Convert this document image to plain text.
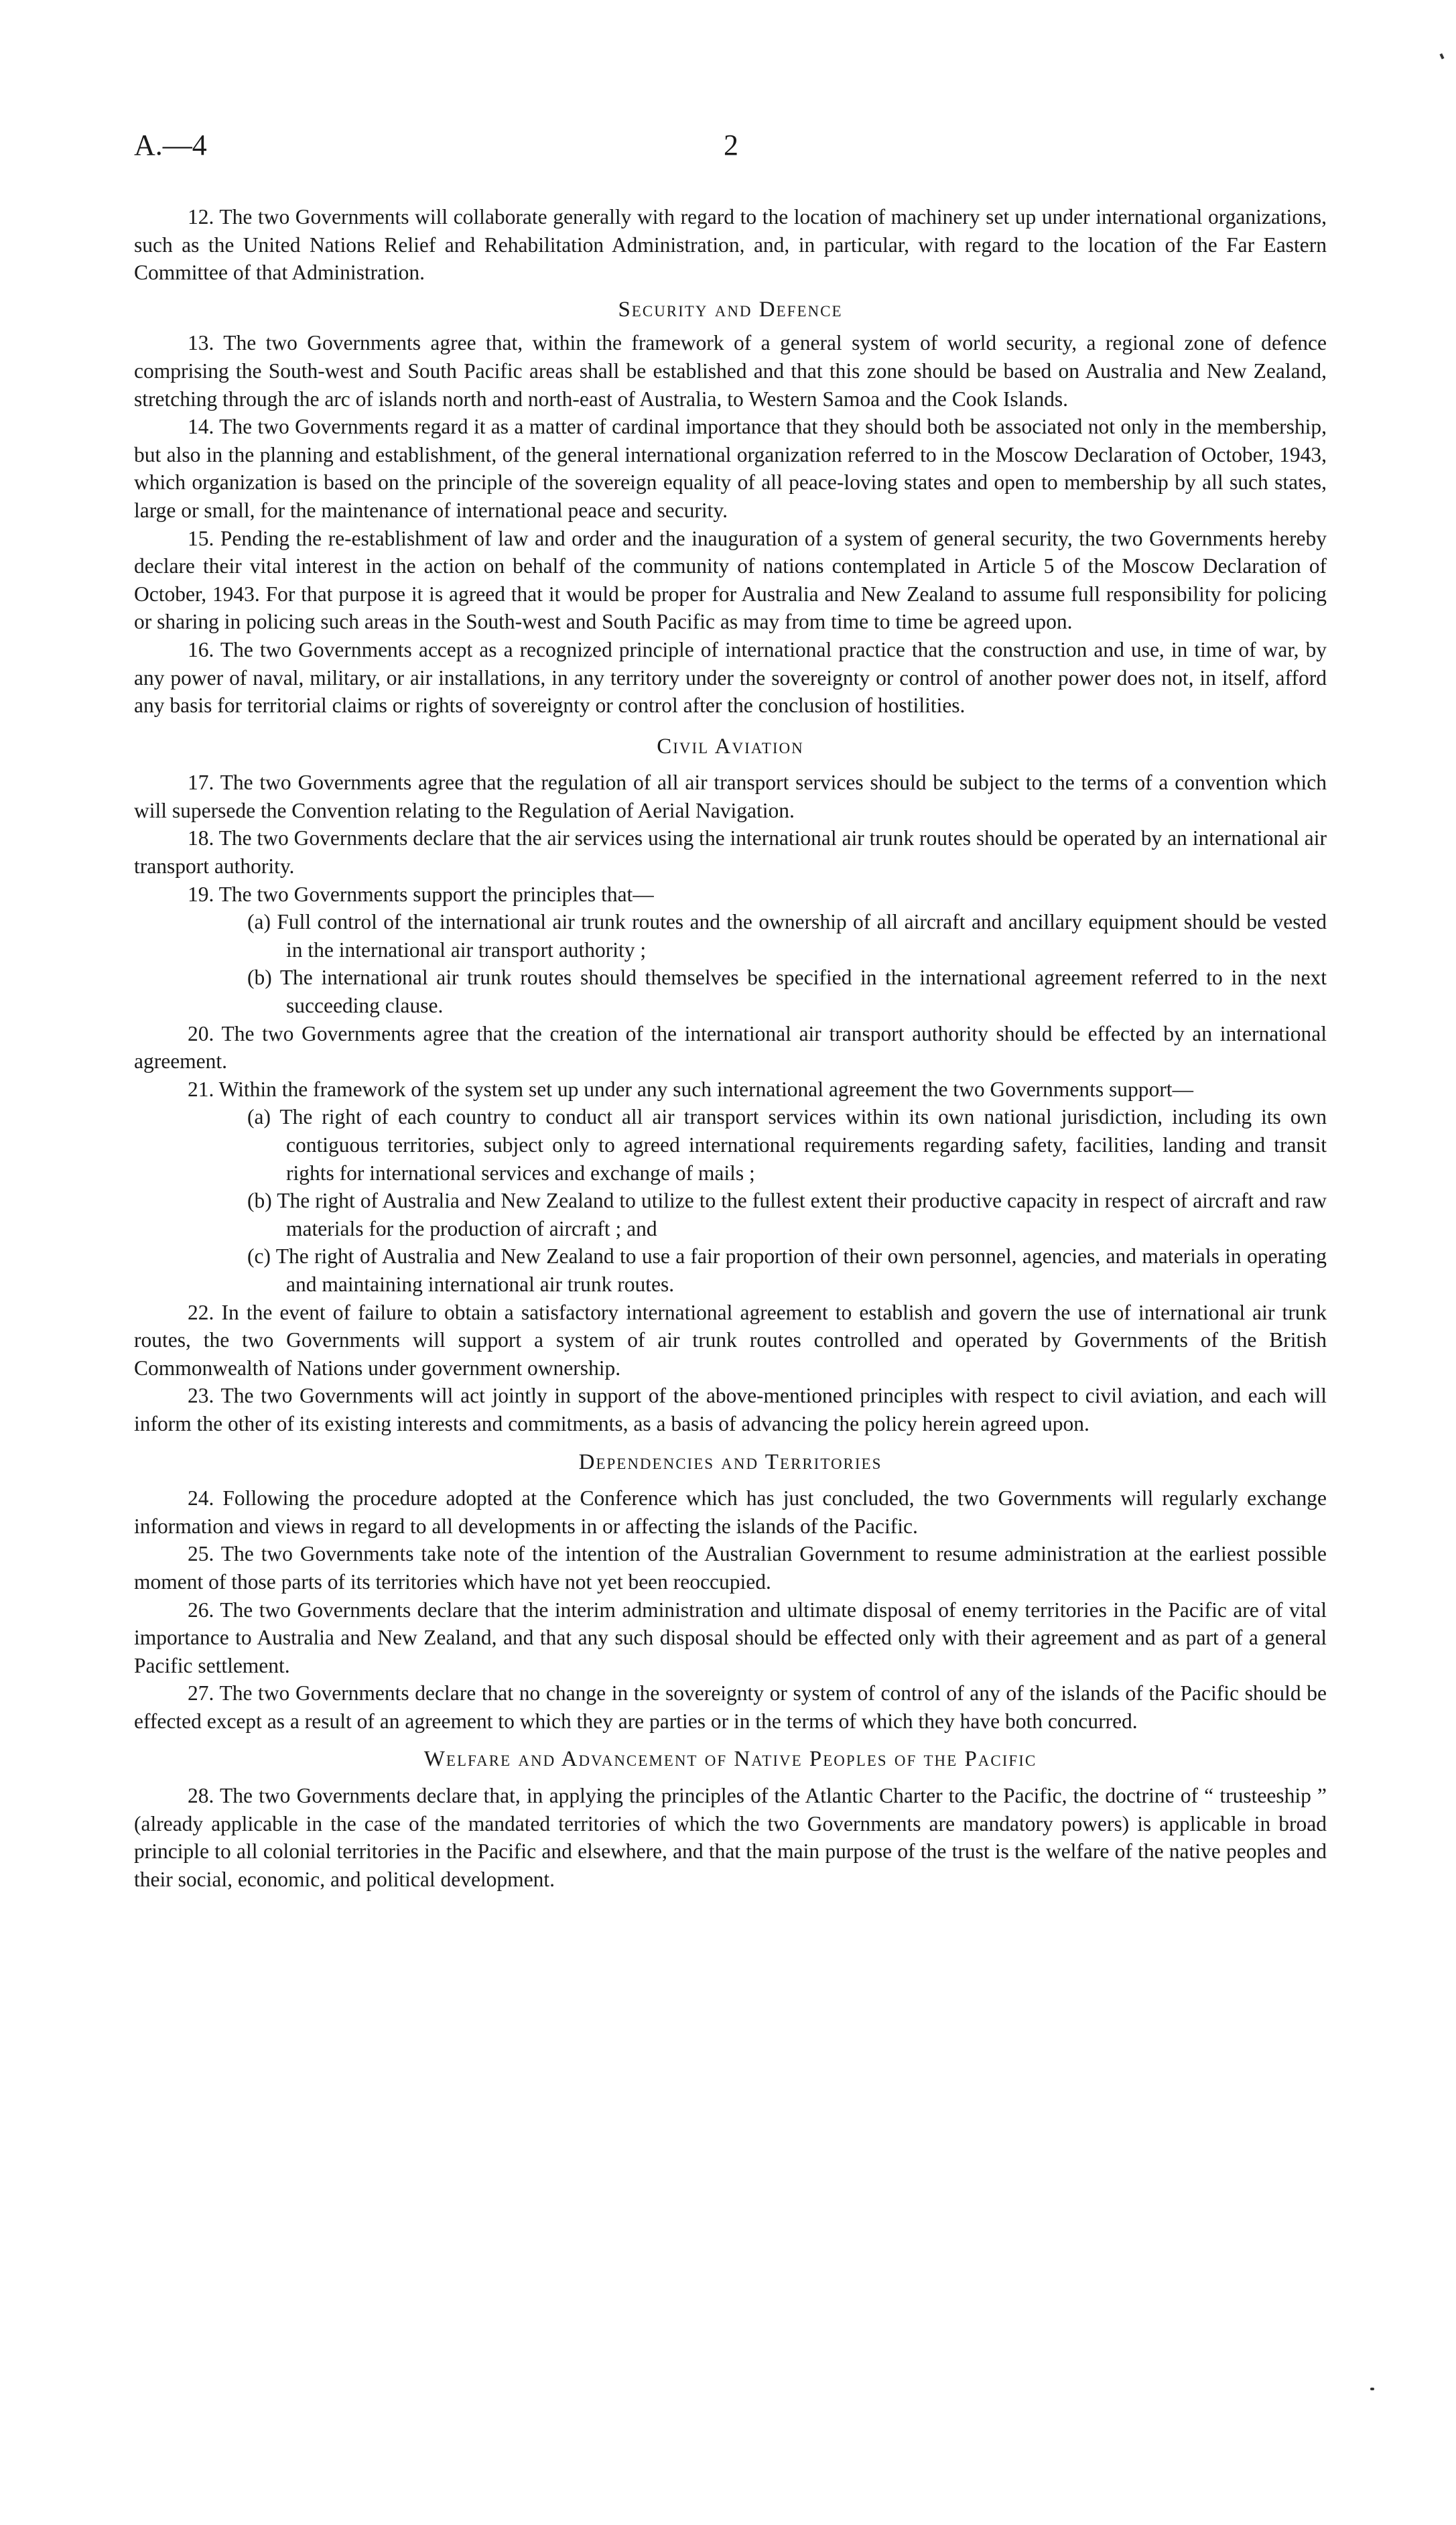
A.—4	2

12. The two Governments will collaborate generally with regard to the location of machinery set up under international organizations, such as the United Nations Relief and Rehabilitation Administration, and, in particular, with regard to the location of the Far Eastern Committee of that Administration.

Security and Defence

13. The two Governments agree that, within the framework of a general system of world security, a regional zone of defence comprising the South-west and South Pacific areas shall be established and that this zone should be based on Australia and New Zealand, stretching through the arc of islands north and north-east of Australia, to Western Samoa and the Cook Islands.

14. The two Governments regard it as a matter of cardinal importance that they should both be associated not only in the membership, but also in the planning and establishment, of the general international organization referred to in the Moscow Declaration of October, 1943, which organization is based on the principle of the sovereign equality of all peace-loving states and open to membership by all such states, large or small, for the maintenance of international peace and security.

15. Pending the re-establishment of law and order and the inauguration of a system of general security, the two Governments hereby declare their vital interest in the action on behalf of the community of nations contemplated in Article 5 of the Moscow Declaration of October, 1943. For that purpose it is agreed that it would be proper for Australia and New Zealand to assume full responsibility for policing or sharing in policing such areas in the South-west and South Pacific as may from time to time be agreed upon.

16. The two Governments accept as a recognized principle of international practice that the construction and use, in time of war, by any power of naval, military, or air installations, in any territory under the sovereignty or control of another power does not, in itself, afford any basis for territorial claims or rights of sovereignty or control after the conclusion of hostilities.

Civil Aviation

17. The two Governments agree that the regulation of all air transport services should be subject to the terms of a convention which will supersede the Convention relating to the Regulation of Aerial Navigation.

18. The two Governments declare that the air services using the international air trunk routes should be operated by an international air transport authority.

19. The two Governments support the principles that—

(a) Full control of the international air trunk routes and the ownership of all aircraft and ancillary equipment should be vested in the international air transport authority ;

(b) The international air trunk routes should themselves be specified in the international agreement referred to in the next succeeding clause.

20. The two Governments agree that the creation of the international air transport authority should be effected by an international agreement.

21. Within the framework of the system set up under any such international agreement the two Governments support—

(a) The right of each country to conduct all air transport services within its own national jurisdiction, including its own contiguous territories, subject only to agreed international requirements regarding safety, facilities, landing and transit rights for international services and exchange of mails ;

(b) The right of Australia and New Zealand to utilize to the fullest extent their productive capacity in respect of aircraft and raw materials for the production of aircraft ; and

(c) The right of Australia and New Zealand to use a fair proportion of their own personnel, agencies, and materials in operating and maintaining international air trunk routes.

22. In the event of failure to obtain a satisfactory international agreement to establish and govern the use of international air trunk routes, the two Governments will support a system of air trunk routes controlled and operated by Governments of the British Commonwealth of Nations under government ownership.

23. The two Governments will act jointly in support of the above-mentioned principles with respect to civil aviation, and each will inform the other of its existing interests and commitments, as a basis of advancing the policy herein agreed upon.

Dependencies and Territories

24. Following the procedure adopted at the Conference which has just concluded, the two Governments will regularly exchange information and views in regard to all developments in or affecting the islands of the Pacific.

25. The two Governments take note of the intention of the Australian Government to resume administration at the earliest possible moment of those parts of its territories which have not yet been reoccupied.

26. The two Governments declare that the interim administration and ultimate disposal of enemy territories in the Pacific are of vital importance to Australia and New Zealand, and that any such disposal should be effected only with their agreement and as part of a general Pacific settlement.

27. The two Governments declare that no change in the sovereignty or system of control of any of the islands of the Pacific should be effected except as a result of an agreement to which they are parties or in the terms of which they have both concurred.

Welfare and Advancement of Native Peoples of the Pacific

28. The two Governments declare that, in applying the principles of the Atlantic Charter to the Pacific, the doctrine of “ trusteeship ” (already applicable in the case of the mandated territories of which the two Governments are mandatory powers) is applicable in broad principle to all colonial territories in the Pacific and elsewhere, and that the main purpose of the trust is the welfare of the native peoples and their social, economic, and political development.
